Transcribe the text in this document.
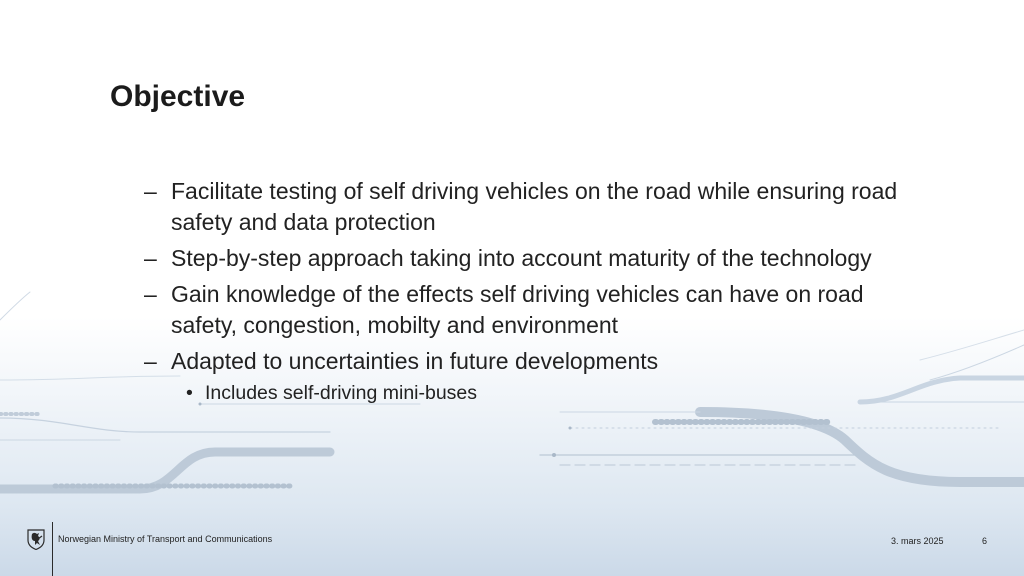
Objective
– Facilitate testing of self driving vehicles on the road while ensuring road safety and data protection
– Step-by-step approach taking into account maturity of the technology
– Gain knowledge of the effects self driving vehicles can have on road safety, congestion, mobilty and environment
– Adapted to uncertainties in future developments
• Includes self-driving mini-buses
Norwegian Ministry of Transport and Communications	3. mars 2025	6
